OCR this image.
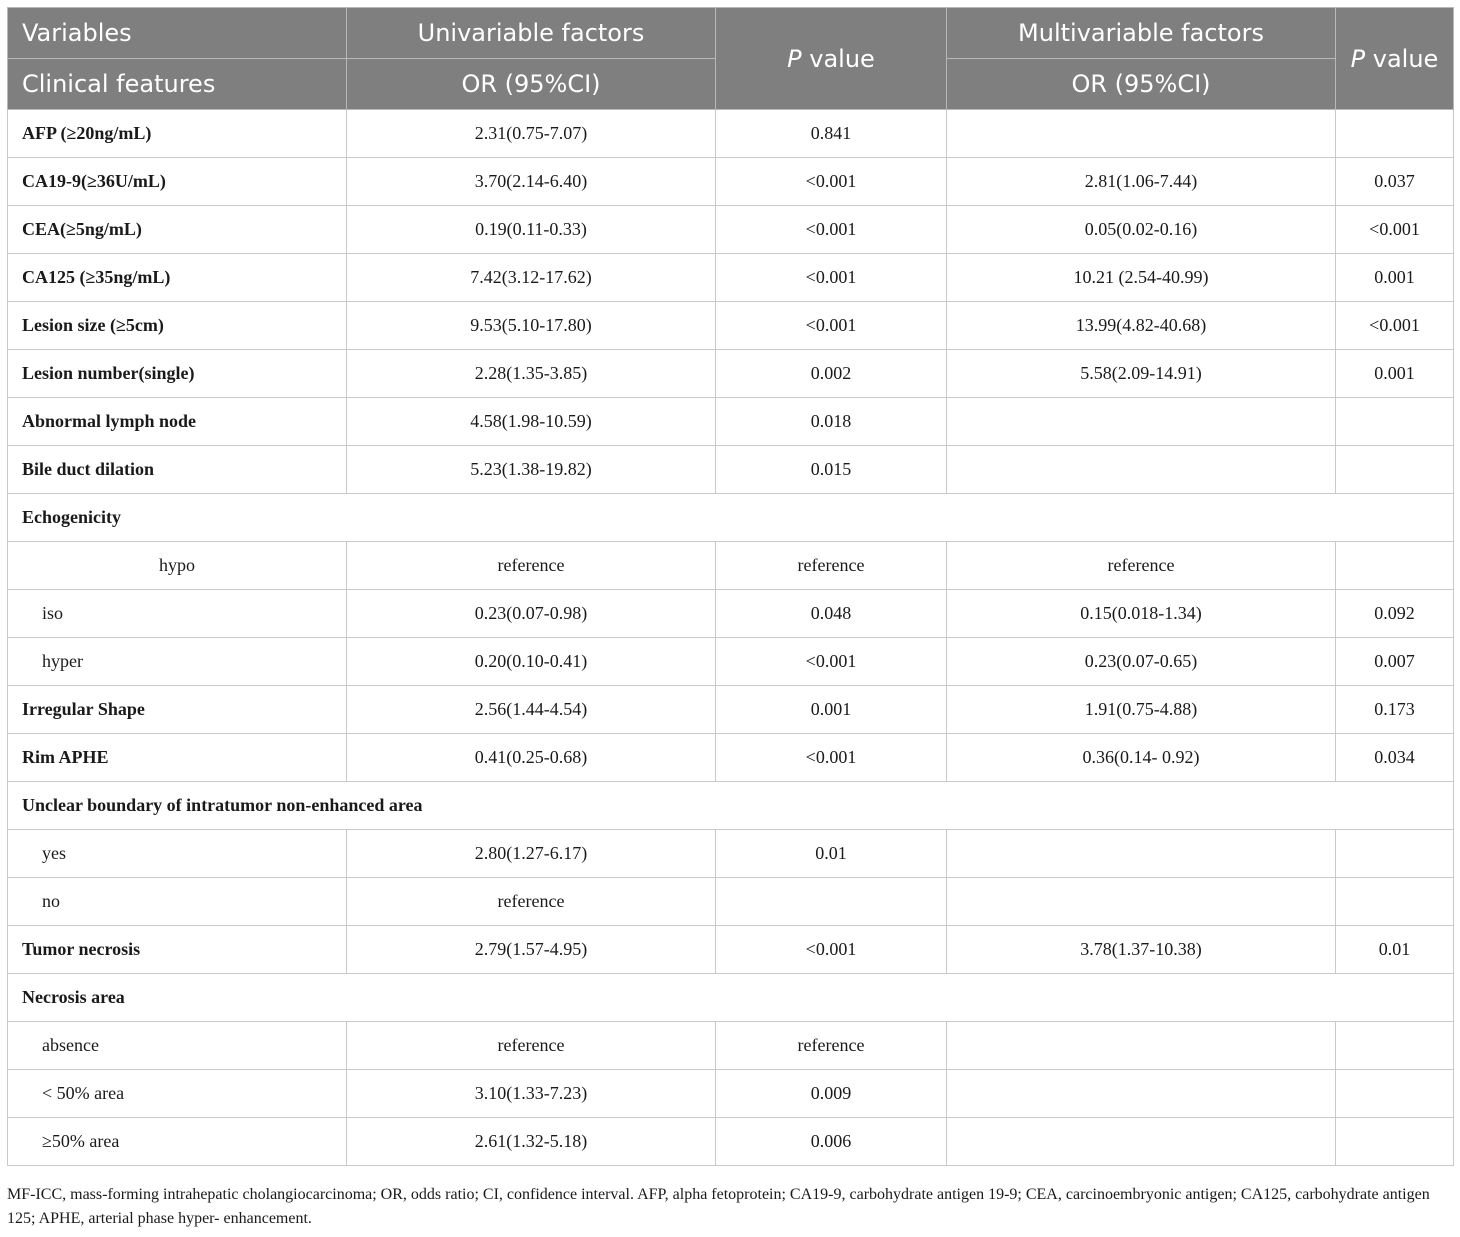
Variables	Univariable factors	P value	Multivariable factors	P value
Clinical features	OR (95%CI)		OR (95%CI)	
AFP (≥20ng/mL)	2.31(0.75-7.07)	0.841		
CA19-9(≥36U/mL)	3.70(2.14-6.40)	<0.001	2.81(1.06-7.44)	0.037
CEA(≥5ng/mL)	0.19(0.11-0.33)	<0.001	0.05(0.02-0.16)	<0.001
CA125 (≥35ng/mL)	7.42(3.12-17.62)	<0.001	10.21 (2.54-40.99)	0.001
Lesion size (≥5cm)	9.53(5.10-17.80)	<0.001	13.99(4.82-40.68)	<0.001
Lesion number(single)	2.28(1.35-3.85)	0.002	5.58(2.09-14.91)	0.001
Abnormal lymph node	4.58(1.98-10.59)	0.018		
Bile duct dilation	5.23(1.38-19.82)	0.015		
Echogenicity				
hypo	reference	reference	reference	
iso	0.23(0.07-0.98)	0.048	0.15(0.018-1.34)	0.092
hyper	0.20(0.10-0.41)	<0.001	0.23(0.07-0.65)	0.007
Irregular Shape	2.56(1.44-4.54)	0.001	1.91(0.75-4.88)	0.173
Rim APHE	0.41(0.25-0.68)	<0.001	0.36(0.14- 0.92)	0.034
Unclear boundary of intratumor non-enhanced area				
yes	2.80(1.27-6.17)	0.01		
no	reference			
Tumor necrosis	2.79(1.57-4.95)	<0.001	3.78(1.37-10.38)	0.01
Necrosis area				
absence	reference	reference		
< 50% area	3.10(1.33-7.23)	0.009		
≥50% area	2.61(1.32-5.18)	0.006		
MF-ICC, mass-forming intrahepatic cholangiocarcinoma; OR, odds ratio; CI, confidence interval. AFP, alpha fetoprotein; CA19-9, carbohydrate antigen 19-9; CEA, carcinoembryonic antigen; CA125, carbohydrate antigen 125; APHE, arterial phase hyper- enhancement.
